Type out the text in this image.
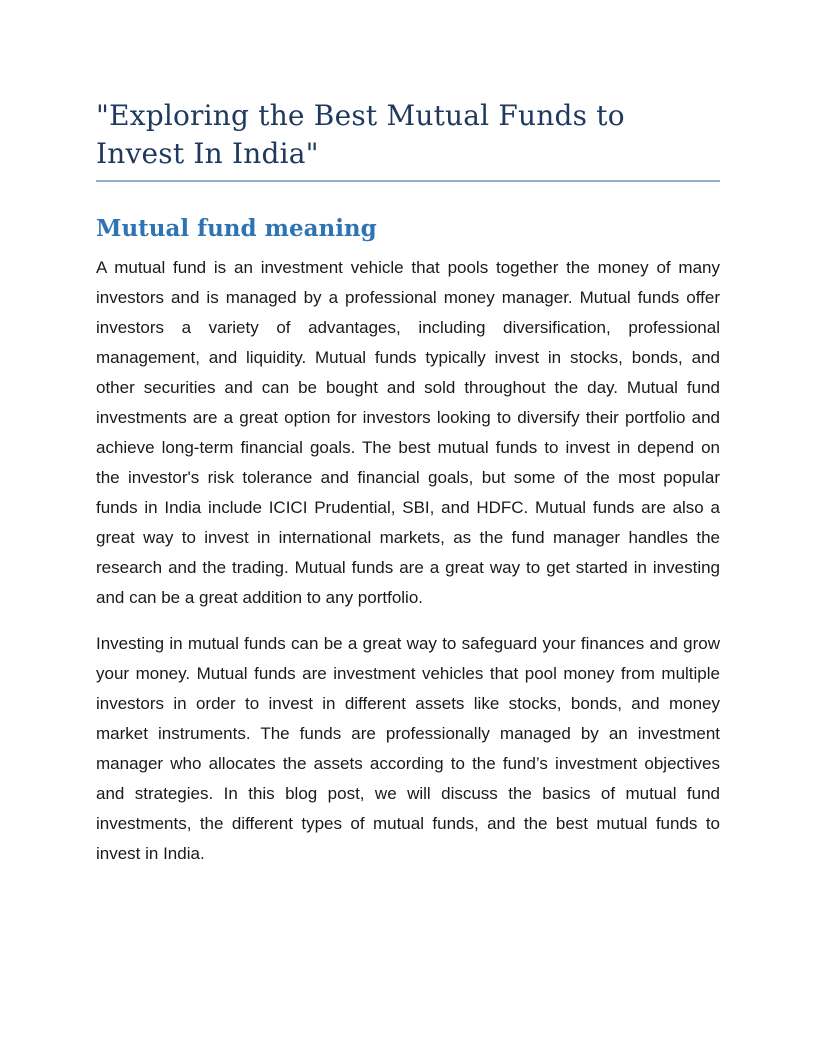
"Exploring the Best Mutual Funds to
Invest In India"
Mutual fund meaning

A mutual fund is an investment vehicle that pools together the money of many investors and is managed by a professional money manager. Mutual funds offer investors a variety of advantages, including diversification, professional management, and liquidity. Mutual funds typically invest in stocks, bonds, and other securities and can be bought and sold throughout the day. Mutual fund investments are a great option for investors looking to diversify their portfolio and achieve long-term financial goals. The best mutual funds to invest in depend on the investor's risk tolerance and financial goals, but some of the most popular funds in India include ICICI Prudential, SBI, and HDFC. Mutual funds are also a great way to invest in international markets, as the fund manager handles the research and the trading. Mutual funds are a great way to get started in investing and can be a great addition to any portfolio.

Investing in mutual funds can be a great way to safeguard your finances and grow your money. Mutual funds are investment vehicles that pool money from multiple investors in order to invest in different assets like stocks, bonds, and money market instruments. The funds are professionally managed by an investment manager who allocates the assets according to the fund’s investment objectives and strategies. In this blog post, we will discuss the basics of mutual fund investments, the different types of mutual funds, and the best mutual funds to invest in India.
